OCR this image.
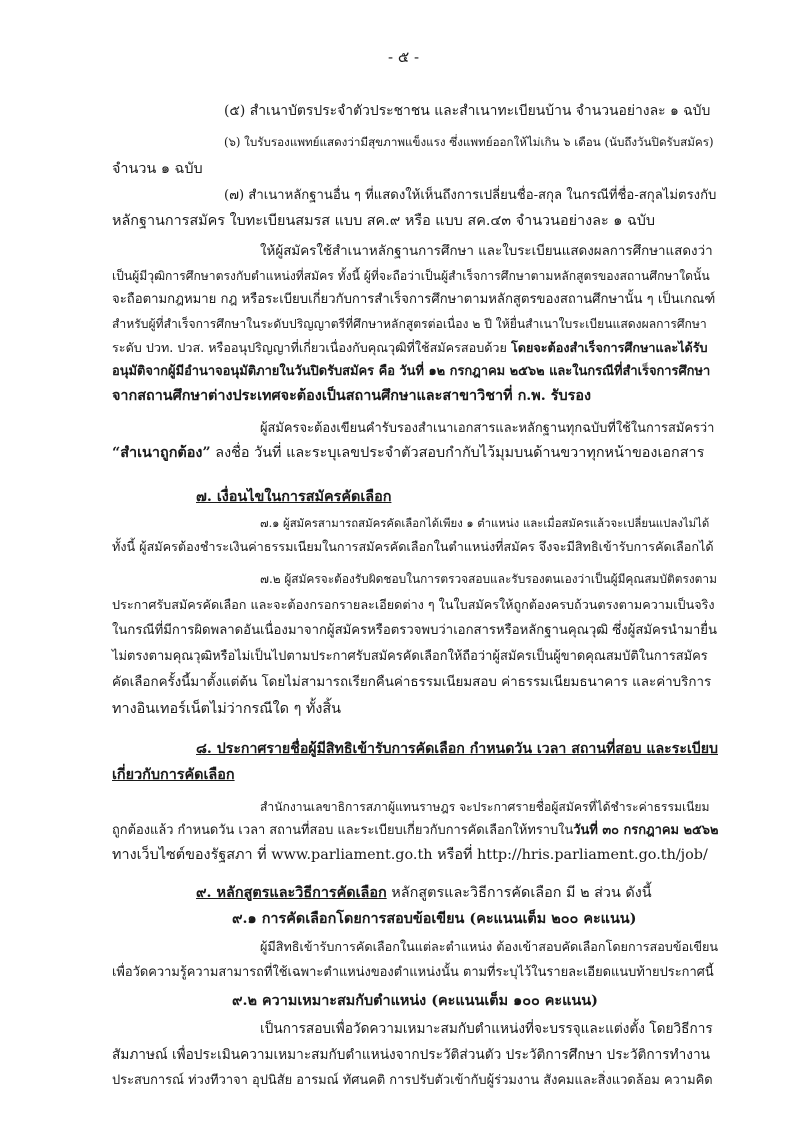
- ๕ -

(๕) สำเนาบัตรประจำตัวประชาชน และสำเนาทะเบียนบ้าน จำนวนอย่างละ ๑ ฉบับ

(๖) ใบรับรองแพทย์แสดงว่ามีสุขภาพแข็งแรง ซึ่งแพทย์ออกให้ไม่เกิน ๖ เดือน (นับถึงวันปิดรับสมัคร)

จำนวน ๑ ฉบับ

(๗) สำเนาหลักฐานอื่น ๆ ที่แสดงให้เห็นถึงการเปลี่ยนชื่อ-สกุล ในกรณีที่ชื่อ-สกุลไม่ตรงกับ

หลักฐานการสมัคร ใบทะเบียนสมรส แบบ สค.๙ หรือ แบบ สค.๔๓ จำนวนอย่างละ ๑ ฉบับ

ให้ผู้สมัครใช้สำเนาหลักฐานการศึกษา และใบระเบียนแสดงผลการศึกษาแสดงว่า

เป็นผู้มีวุฒิการศึกษาตรงกับตำแหน่งที่สมัคร ทั้งนี้ ผู้ที่จะถือว่าเป็นผู้สำเร็จการศึกษาตามหลักสูตรของสถานศึกษาใดนั้น

จะถือตามกฎหมาย กฎ หรือระเบียบเกี่ยวกับการสำเร็จการศึกษาตามหลักสูตรของสถานศึกษานั้น ๆ เป็นเกณฑ์

สำหรับผู้ที่สำเร็จการศึกษาในระดับปริญญาตรีที่ศึกษาหลักสูตรต่อเนื่อง ๒ ปี ให้ยื่นสำเนาใบระเบียนแสดงผลการศึกษา

ระดับ ปวท. ปวส. หรืออนุปริญญาที่เกี่ยวเนื่องกับคุณวุฒิที่ใช้สมัครสอบด้วย โดยจะต้องสำเร็จการศึกษาและได้รับ

อนุมัติจากผู้มีอำนาจอนุมัติภายในวันปิดรับสมัคร คือ วันที่ ๑๒ กรกฎาคม ๒๕๖๒ และในกรณีที่สำเร็จการศึกษา

จากสถานศึกษาต่างประเทศจะต้องเป็นสถานศึกษาและสาขาวิชาที่ ก.พ. รับรอง

ผู้สมัครจะต้องเขียนคำรับรองสำเนาเอกสารและหลักฐานทุกฉบับที่ใช้ในการสมัครว่า

“สำเนาถูกต้อง” ลงชื่อ วันที่ และระบุเลขประจำตัวสอบกำกับไว้มุมบนด้านขวาทุกหน้าของเอกสาร

๗. เงื่อนไขในการสมัครคัดเลือก

๗.๑ ผู้สมัครสามารถสมัครคัดเลือกได้เพียง ๑ ตำแหน่ง และเมื่อสมัครแล้วจะเปลี่ยนแปลงไม่ได้

ทั้งนี้ ผู้สมัครต้องชำระเงินค่าธรรมเนียมในการสมัครคัดเลือกในตำแหน่งที่สมัคร จึงจะมีสิทธิเข้ารับการคัดเลือกได้

๗.๒ ผู้สมัครจะต้องรับผิดชอบในการตรวจสอบและรับรองตนเองว่าเป็นผู้มีคุณสมบัติตรงตาม

ประกาศรับสมัครคัดเลือก และจะต้องกรอกรายละเอียดต่าง ๆ ในใบสมัครให้ถูกต้องครบถ้วนตรงตามความเป็นจริง

ในกรณีที่มีการผิดพลาดอันเนื่องมาจากผู้สมัครหรือตรวจพบว่าเอกสารหรือหลักฐานคุณวุฒิ ซึ่งผู้สมัครนำมายื่น

ไม่ตรงตามคุณวุฒิหรือไม่เป็นไปตามประกาศรับสมัครคัดเลือกให้ถือว่าผู้สมัครเป็นผู้ขาดคุณสมบัติในการสมัคร

คัดเลือกครั้งนี้มาตั้งแต่ต้น โดยไม่สามารถเรียกคืนค่าธรรมเนียมสอบ ค่าธรรมเนียมธนาคาร และค่าบริการ

ทางอินเทอร์เน็ตไม่ว่ากรณีใด ๆ ทั้งสิ้น

๘. ประกาศรายชื่อผู้มีสิทธิเข้ารับการคัดเลือก กำหนดวัน เวลา สถานที่สอบ และระเบียบ

เกี่ยวกับการคัดเลือก

สำนักงานเลขาธิการสภาผู้แทนราษฎร จะประกาศรายชื่อผู้สมัครที่ได้ชำระค่าธรรมเนียม

ถูกต้องแล้ว กำหนดวัน เวลา สถานที่สอบ และระเบียบเกี่ยวกับการคัดเลือกให้ทราบในวันที่ ๓๐ กรกฎาคม ๒๕๖๒

ทางเว็บไซต์ของรัฐสภา ที่ www.parliament.go.th หรือที่ http://hris.parliament.go.th/job/

๙. หลักสูตรและวิธีการคัดเลือก หลักสูตรและวิธีการคัดเลือก มี ๒ ส่วน ดังนี้

๙.๑ การคัดเลือกโดยการสอบข้อเขียน (คะแนนเต็ม ๒๐๐ คะแนน)

ผู้มีสิทธิเข้ารับการคัดเลือกในแต่ละตำแหน่ง ต้องเข้าสอบคัดเลือกโดยการสอบข้อเขียน

เพื่อวัดความรู้ความสามารถที่ใช้เฉพาะตำแหน่งของตำแหน่งนั้น ตามที่ระบุไว้ในรายละเอียดแนบท้ายประกาศนี้

๙.๒ ความเหมาะสมกับตำแหน่ง (คะแนนเต็ม ๑๐๐ คะแนน)

เป็นการสอบเพื่อวัดความเหมาะสมกับตำแหน่งที่จะบรรจุและแต่งตั้ง โดยวิธีการ

สัมภาษณ์ เพื่อประเมินความเหมาะสมกับตำแหน่งจากประวัติส่วนตัว ประวัติการศึกษา ประวัติการทำงาน

ประสบการณ์ ท่วงทีวาจา อุปนิสัย อารมณ์ ทัศนคติ การปรับตัวเข้ากับผู้ร่วมงาน สังคมและสิ่งแวดล้อม ความคิด
